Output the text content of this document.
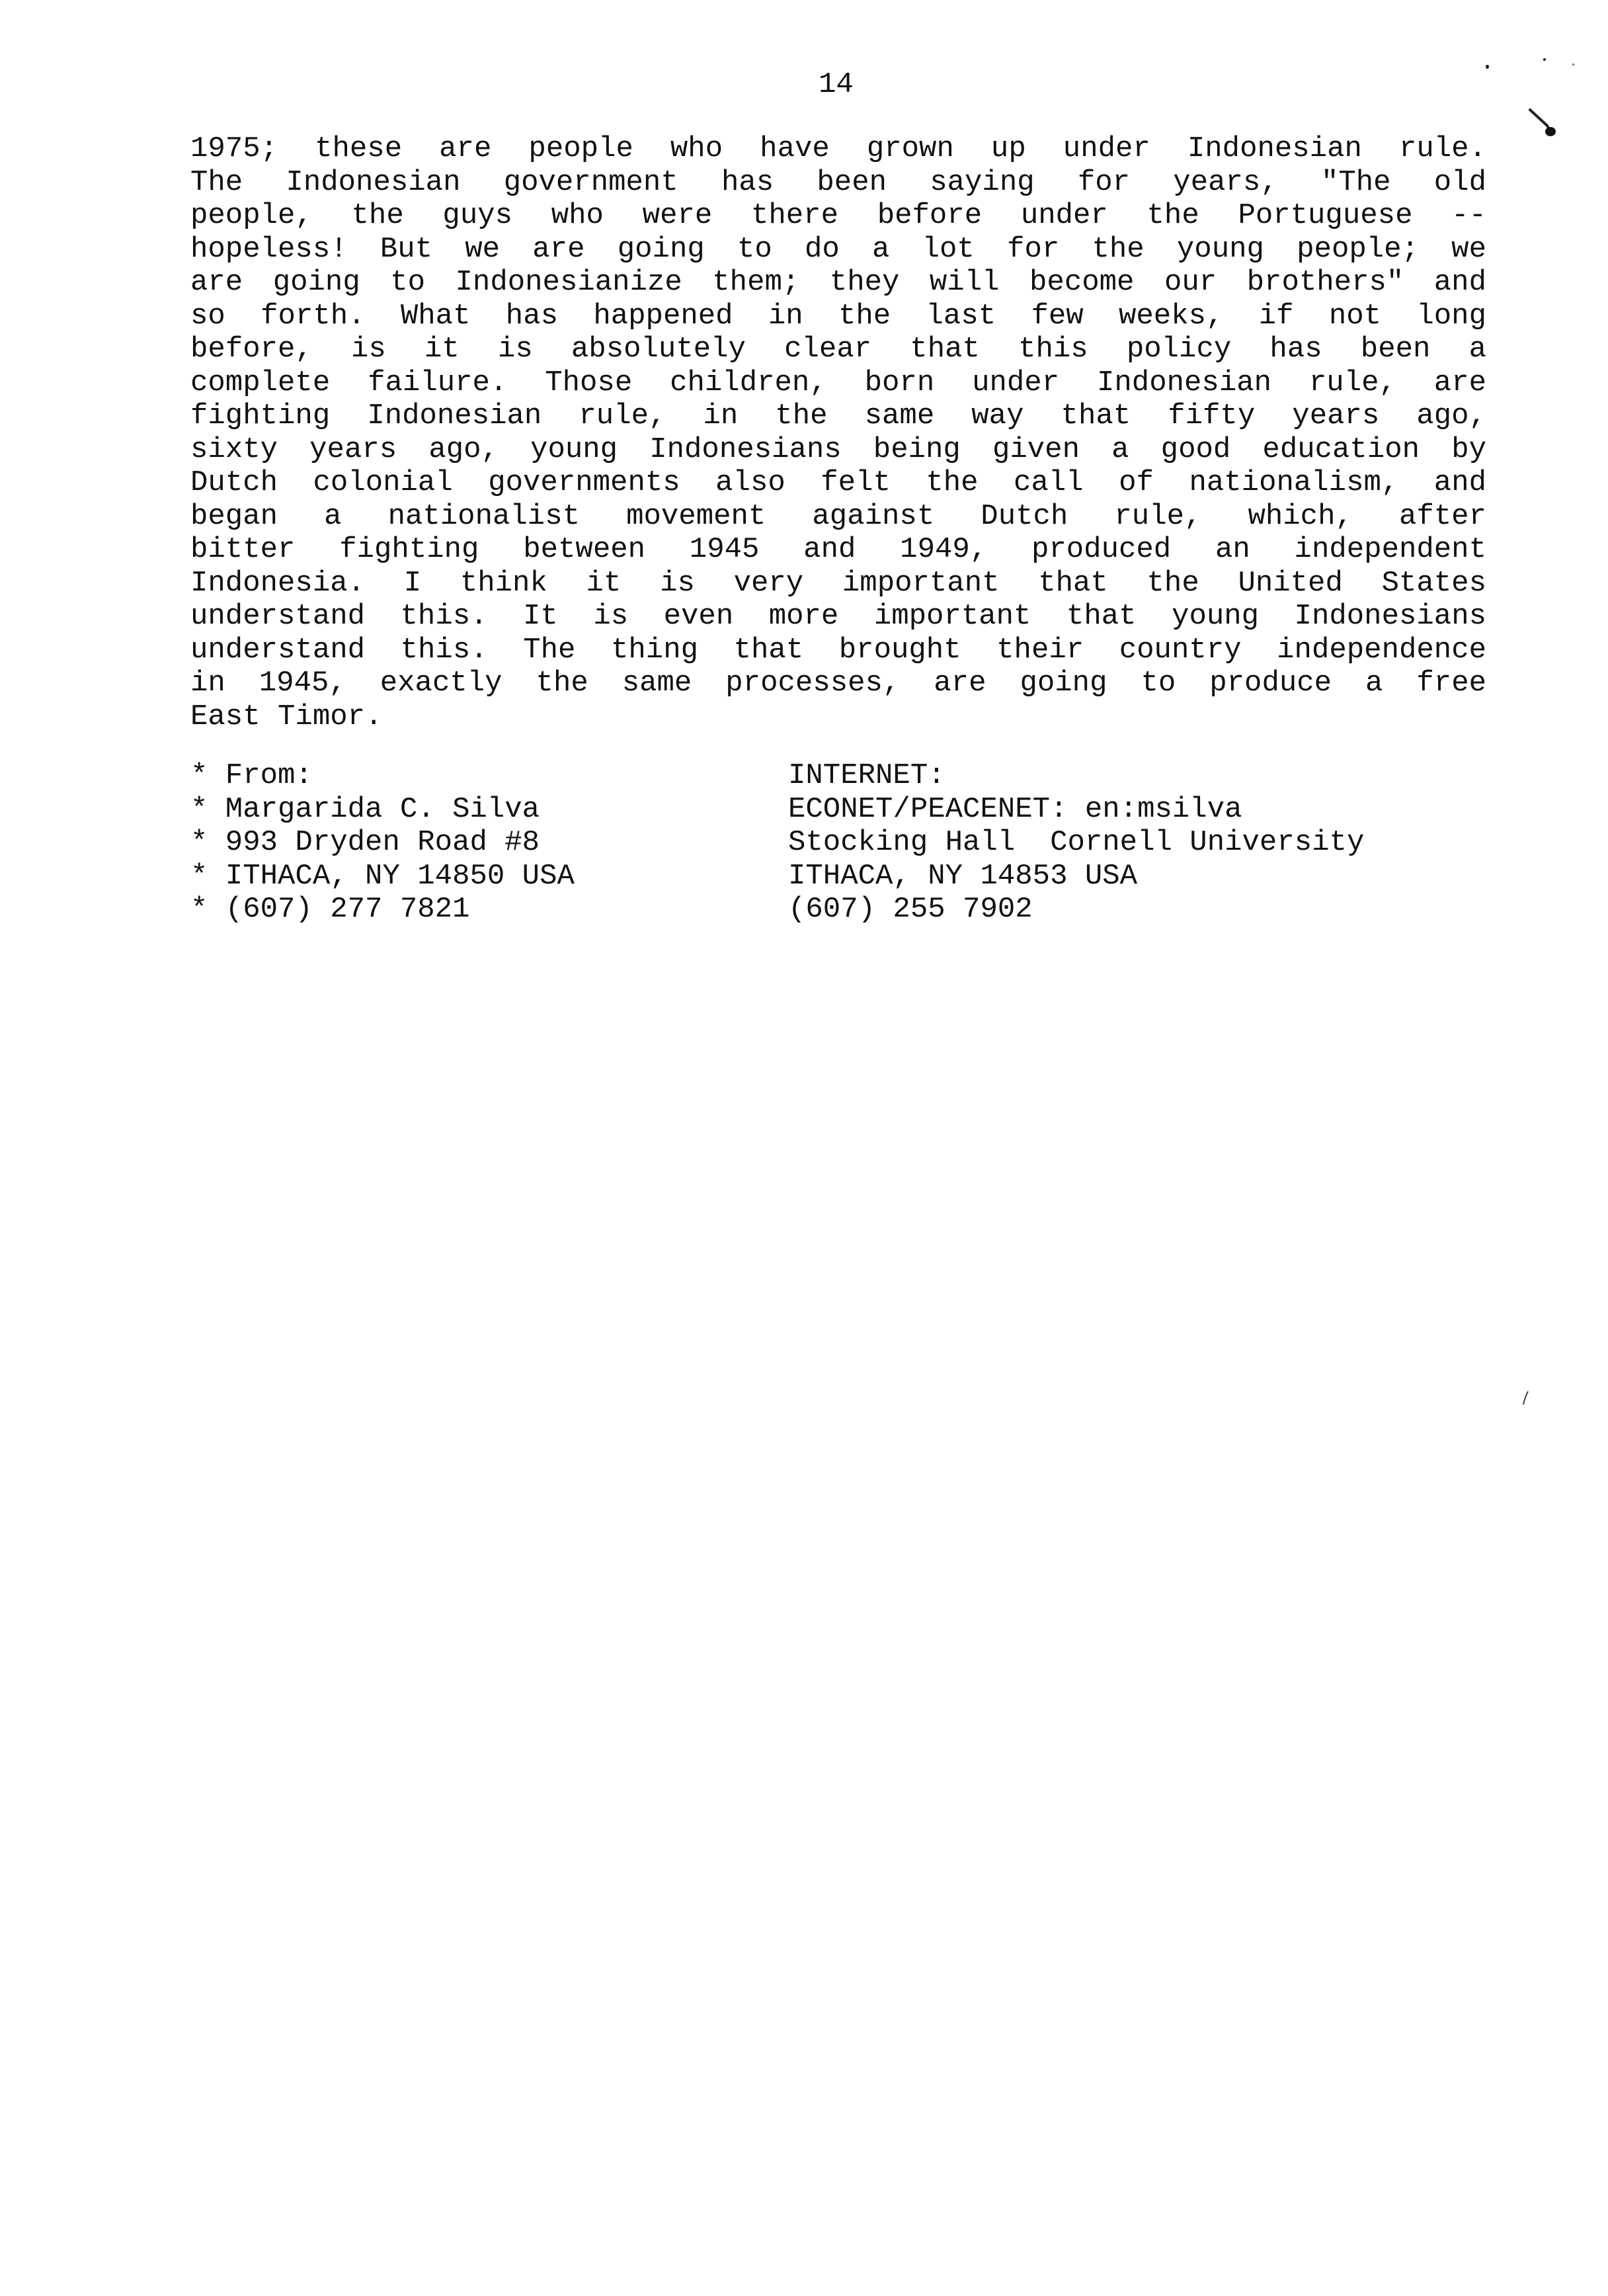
14
1975; these are people who have grown up under Indonesian rule.
The Indonesian government has been saying for years, "The old
people, the guys who were there before under the Portuguese --
hopeless! But we are going to do a lot for the young people; we
are going to Indonesianize them; they will become our brothers" and
so forth. What has happened in the last few weeks, if not long
before, is it is absolutely clear that this policy has been a
complete failure. Those children, born under Indonesian rule, are
fighting Indonesian rule, in the same way that fifty years ago,
sixty years ago, young Indonesians being given a good education by
Dutch colonial governments also felt the call of nationalism, and
began a nationalist movement against Dutch rule, which, after
bitter fighting between 1945 and 1949, produced an independent
Indonesia. I think it is very important that the United States
understand this. It is even more important that young Indonesians
understand this. The thing that brought their country independence
in 1945, exactly the same processes, are going to produce a free
East Timor.
* From:
* Margarida C. Silva
* 993 Dryden Road #8
* ITHACA, NY 14850 USA
* (607) 277 7821
INTERNET:
ECONET/PEACENET: en:msilva
Stocking Hall  Cornell University
ITHACA, NY 14853 USA
(607) 255 7902
